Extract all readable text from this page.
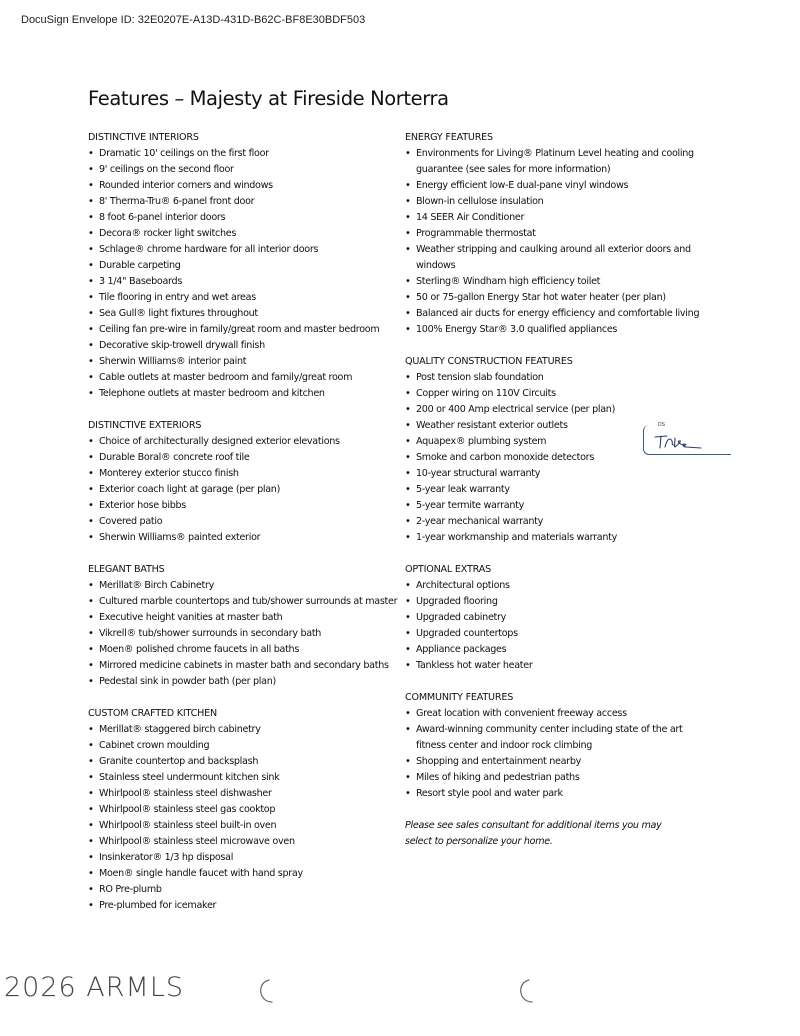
DocuSign Envelope ID: 32E0207E-A13D-431D-B62C-BF8E30BDF503
Features – Majesty at Fireside Norterra
DISTINCTIVE INTERIORS
• Dramatic 10' ceilings on the first floor
• 9' ceilings on the second floor
• Rounded interior corners and windows
• 8' Therma-Tru® 6-panel front door
• 8 foot 6-panel interior doors
• Decora® rocker light switches
• Schlage® chrome hardware for all interior doors
• Durable carpeting
• 3 1/4" Baseboards
• Tile flooring in entry and wet areas
• Sea Gull® light fixtures throughout
• Ceiling fan pre-wire in family/great room and master bedroom
• Decorative skip-trowell drywall finish
• Sherwin Williams® interior paint
• Cable outlets at master bedroom and family/great room
• Telephone outlets at master bedroom and kitchen
DISTINCTIVE EXTERIORS
• Choice of architecturally designed exterior elevations
• Durable Boral® concrete roof tile
• Monterey exterior stucco finish
• Exterior coach light at garage (per plan)
• Exterior hose bibbs
• Covered patio
• Sherwin Williams® painted exterior
ELEGANT BATHS
• Merillat® Birch Cabinetry
• Cultured marble countertops and tub/shower surrounds at master
• Executive height vanities at master bath
• Vikrell® tub/shower surrounds in secondary bath
• Moen® polished chrome faucets in all baths
• Mirrored medicine cabinets in master bath and secondary baths
• Pedestal sink in powder bath (per plan)
CUSTOM CRAFTED KITCHEN
• Merillat® staggered birch cabinetry
• Cabinet crown moulding
• Granite countertop and backsplash
• Stainless steel undermount kitchen sink
• Whirlpool® stainless steel dishwasher
• Whirlpool® stainless steel gas cooktop
• Whirlpool® stainless steel built-in oven
• Whirlpool® stainless steel microwave oven
• Insinkerator® 1/3 hp disposal
• Moen® single handle faucet with hand spray
• RO Pre-plumb
• Pre-plumbed for icemaker
ENERGY FEATURES
• Environments for Living® Platinum Level heating and cooling guarantee (see sales for more information)
• Energy efficient low-E dual-pane vinyl windows
• Blown-in cellulose insulation
• 14 SEER Air Conditioner
• Programmable thermostat
• Weather stripping and caulking around all exterior doors and windows
• Sterling® Windham high efficiency toilet
• 50 or 75-gallon Energy Star hot water heater (per plan)
• Balanced air ducts for energy efficiency and comfortable living
• 100% Energy Star® 3.0 qualified appliances
QUALITY CONSTRUCTION FEATURES
• Post tension slab foundation
• Copper wiring on 110V Circuits
• 200 or 400 Amp electrical service (per plan)
• Weather resistant exterior outlets
• Aquapex® plumbing system
• Smoke and carbon monoxide detectors
• 10-year structural warranty
• 5-year leak warranty
• 5-year termite warranty
• 2-year mechanical warranty
• 1-year workmanship and materials warranty
OPTIONAL EXTRAS
• Architectural options
• Upgraded flooring
• Upgraded cabinetry
• Upgraded countertops
• Appliance packages
• Tankless hot water heater
COMMUNITY FEATURES
• Great location with convenient freeway access
• Award-winning community center including state of the art fitness center and indoor rock climbing
• Shopping and entertainment nearby
• Miles of hiking and pedestrian paths
• Resort style pool and water park

Please see sales consultant for additional items you may select to personalize your home.

DS
2026 ARMLS
